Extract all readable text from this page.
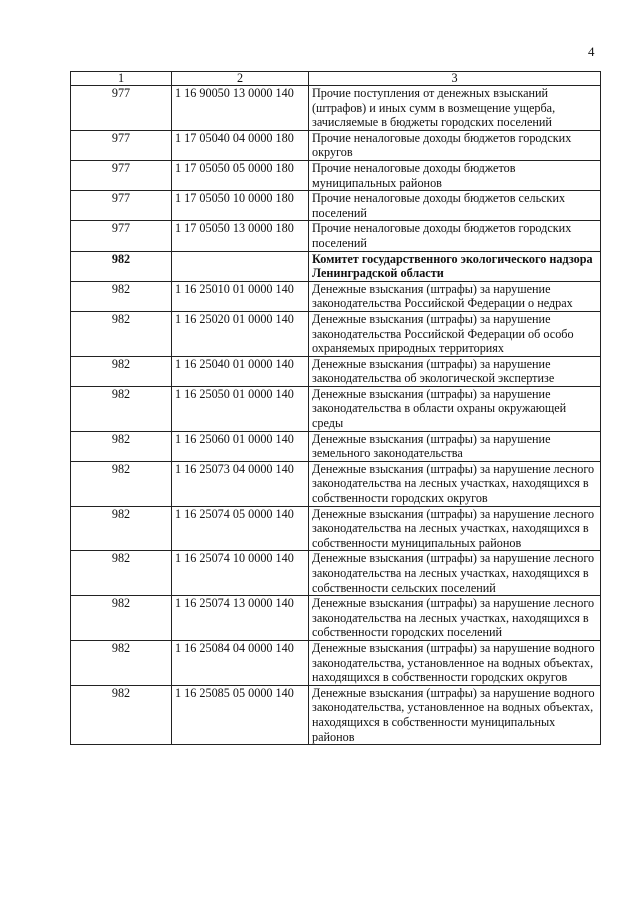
4
1	2	3
977	1 16 90050 13 0000 140	Прочие поступления от денежных взысканий (штрафов) и иных сумм в возмещение ущерба, зачисляемые в бюджеты городских поселений
977	1 17 05040 04 0000 180	Прочие неналоговые доходы бюджетов городских округов
977	1 17 05050 05 0000 180	Прочие неналоговые доходы бюджетов муниципальных районов
977	1 17 05050 10 0000 180	Прочие неналоговые доходы бюджетов сельских поселений
977	1 17 05050 13 0000 180	Прочие неналоговые доходы бюджетов городских поселений
982		Комитет государственного экологического надзора Ленинградской области
982	1 16 25010 01 0000 140	Денежные взыскания (штрафы) за нарушение законодательства Российской Федерации о недрах
982	1 16 25020 01 0000 140	Денежные взыскания (штрафы) за нарушение законодательства Российской Федерации об особо охраняемых природных территориях
982	1 16 25040 01 0000 140	Денежные взыскания (штрафы) за нарушение законодательства об экологической экспертизе
982	1 16 25050 01 0000 140	Денежные взыскания (штрафы) за нарушение законодательства в области охраны окружающей среды
982	1 16 25060 01 0000 140	Денежные взыскания (штрафы) за нарушение земельного законодательства
982	1 16 25073 04 0000 140	Денежные взыскания (штрафы) за нарушение лесного законодательства на лесных участках, находящихся в собственности городских округов
982	1 16 25074 05 0000 140	Денежные взыскания (штрафы) за нарушение лесного законодательства на лесных участках, находящихся в собственности муниципальных районов
982	1 16 25074 10 0000 140	Денежные взыскания (штрафы) за нарушение лесного законодательства на лесных участках, находящихся в собственности сельских поселений
982	1 16 25074 13 0000 140	Денежные взыскания (штрафы) за нарушение лесного законодательства на лесных участках, находящихся в собственности городских поселений
982	1 16 25084 04 0000 140	Денежные взыскания (штрафы) за нарушение водного законодательства, установленное на водных объектах, находящихся в собственности городских округов
982	1 16 25085 05 0000 140	Денежные взыскания (штрафы) за нарушение водного законодательства, установленное на водных объектах, находящихся в собственности муниципальных районов
